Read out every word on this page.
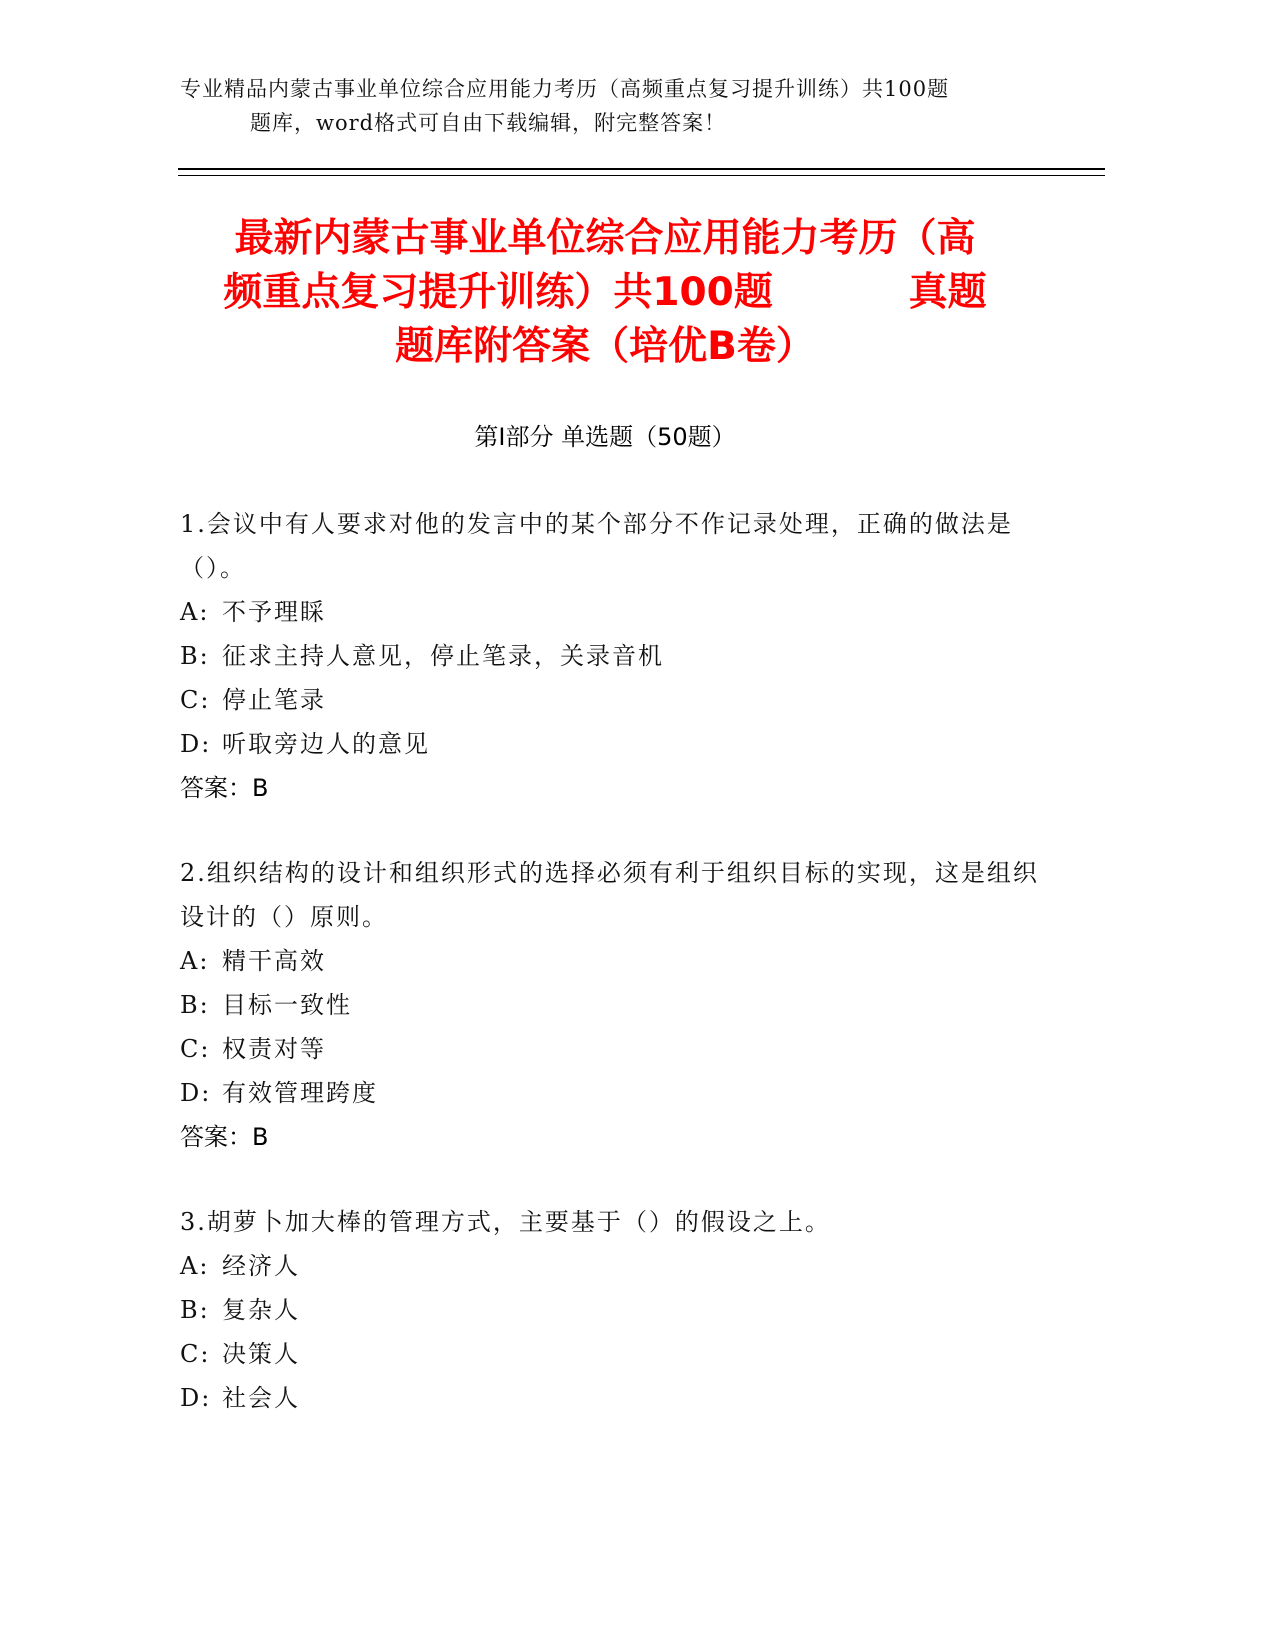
专业精品内蒙古事业单位综合应用能力考历（高频重点复习提升训练）共100题
题库，word格式可自由下载编辑，附完整答案！
最新内蒙古事业单位综合应用能力考历（高
频重点复习提升训练）共100题          真题
题库附答案（培优B卷）
第Ⅰ部分 单选题（50题）

1.会议中有人要求对他的发言中的某个部分不作记录处理，正确的做法是（）。

A: 不予理睬

B: 征求主持人意见，停止笔录，关录音机

C: 停止笔录

D: 听取旁边人的意见

答案：B

2.组织结构的设计和组织形式的选择必须有利于组织目标的实现，这是组织设计的（）原则。

A: 精干高效

B: 目标一致性

C: 权责对等

D: 有效管理跨度

答案：B

3.胡萝卜加大棒的管理方式，主要基于（）的假设之上。

A: 经济人

B: 复杂人

C: 决策人

D: 社会人
